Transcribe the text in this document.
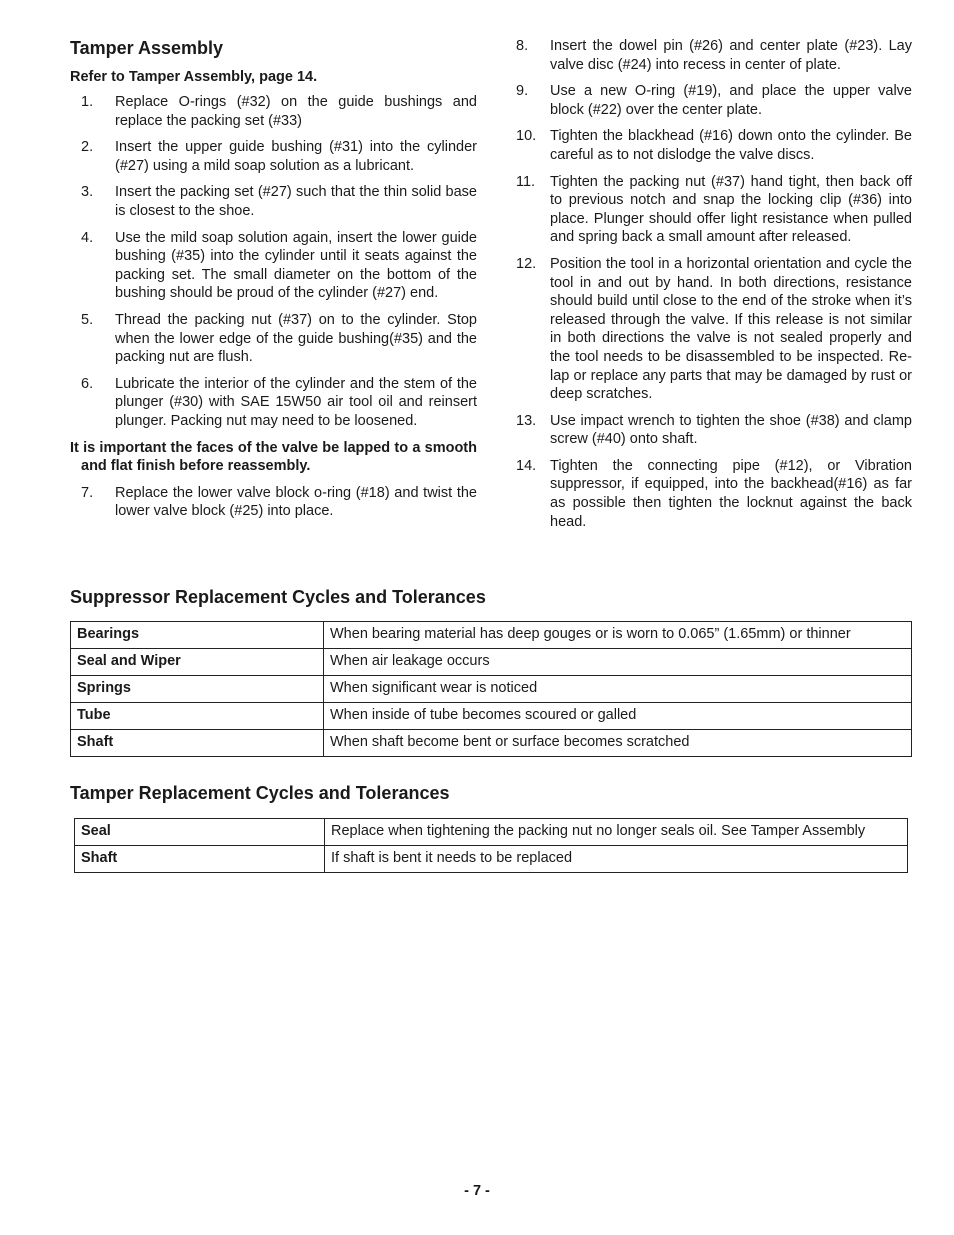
Tamper Assembly
Refer to Tamper Assembly, page 14.
1.	Replace O-rings (#32) on the guide bushings and replace the packing set (#33)
2.	Insert the upper guide bushing (#31) into the cylinder (#27) using a mild soap solution as a lubricant.
3.	Insert the packing set (#27) such that the thin solid base is closest to the shoe.
4.	Use the mild soap solution again, insert the lower guide bushing (#35) into the cylinder until it seats against the packing set. The small diameter on the bottom of the bushing should be proud of the cylinder (#27) end.
5.	Thread the packing nut (#37) on to the cylinder. Stop when the lower edge of the guide bushing(#35) and the packing nut are flush.
6.	Lubricate the interior of the cylinder and the stem of the plunger (#30) with SAE 15W50 air tool oil and reinsert plunger. Packing nut may need to be loosened.
It is important the faces of the valve be lapped to a smooth and flat finish before reassembly.
7.	Replace the lower valve block o-ring (#18) and twist the lower valve block (#25) into place.
8.	Insert the dowel pin (#26) and center plate (#23). Lay valve disc (#24) into recess in center of plate.
9.	Use a new O-ring (#19), and place the upper valve block (#22) over the center plate.
10. Tighten the blackhead (#16) down onto the cylinder. Be careful as to not dislodge the valve discs.
11.	Tighten the packing nut (#37) hand tight, then back off to previous notch and snap the locking clip (#36) into place. Plunger should offer light resistance when pulled and spring back a small amount after released.
12. Position the tool in a horizontal orientation and cycle the tool in and out by hand. In both directions, resistance should build until close to the end of the stroke when it’s released through the valve. If this release is not similar in both directions the valve is not sealed properly and the tool needs to be disassembled to be inspected. Re-lap or replace any parts that may be damaged by rust or deep scratches.
13. Use impact wrench to tighten the shoe (#38) and clamp screw (#40) onto shaft.
14. Tighten the connecting pipe (#12), or Vibration suppressor, if equipped, into the backhead(#16) as far as possible then tighten the locknut against the back head.
Suppressor Replacement Cycles and Tolerances
Bearings	When bearing material has deep gouges or is worn to 0.065” (1.65mm) or thinner
Seal and Wiper	When air leakage occurs
Springs	When significant wear is noticed
Tube	When inside of tube becomes scoured or galled
Shaft	When shaft become bent or surface becomes scratched
Tamper Replacement Cycles and Tolerances
Seal	Replace when tightening the packing nut no longer seals oil. See Tamper Assembly
Shaft	If shaft is bent it needs to be replaced
- 7 -
